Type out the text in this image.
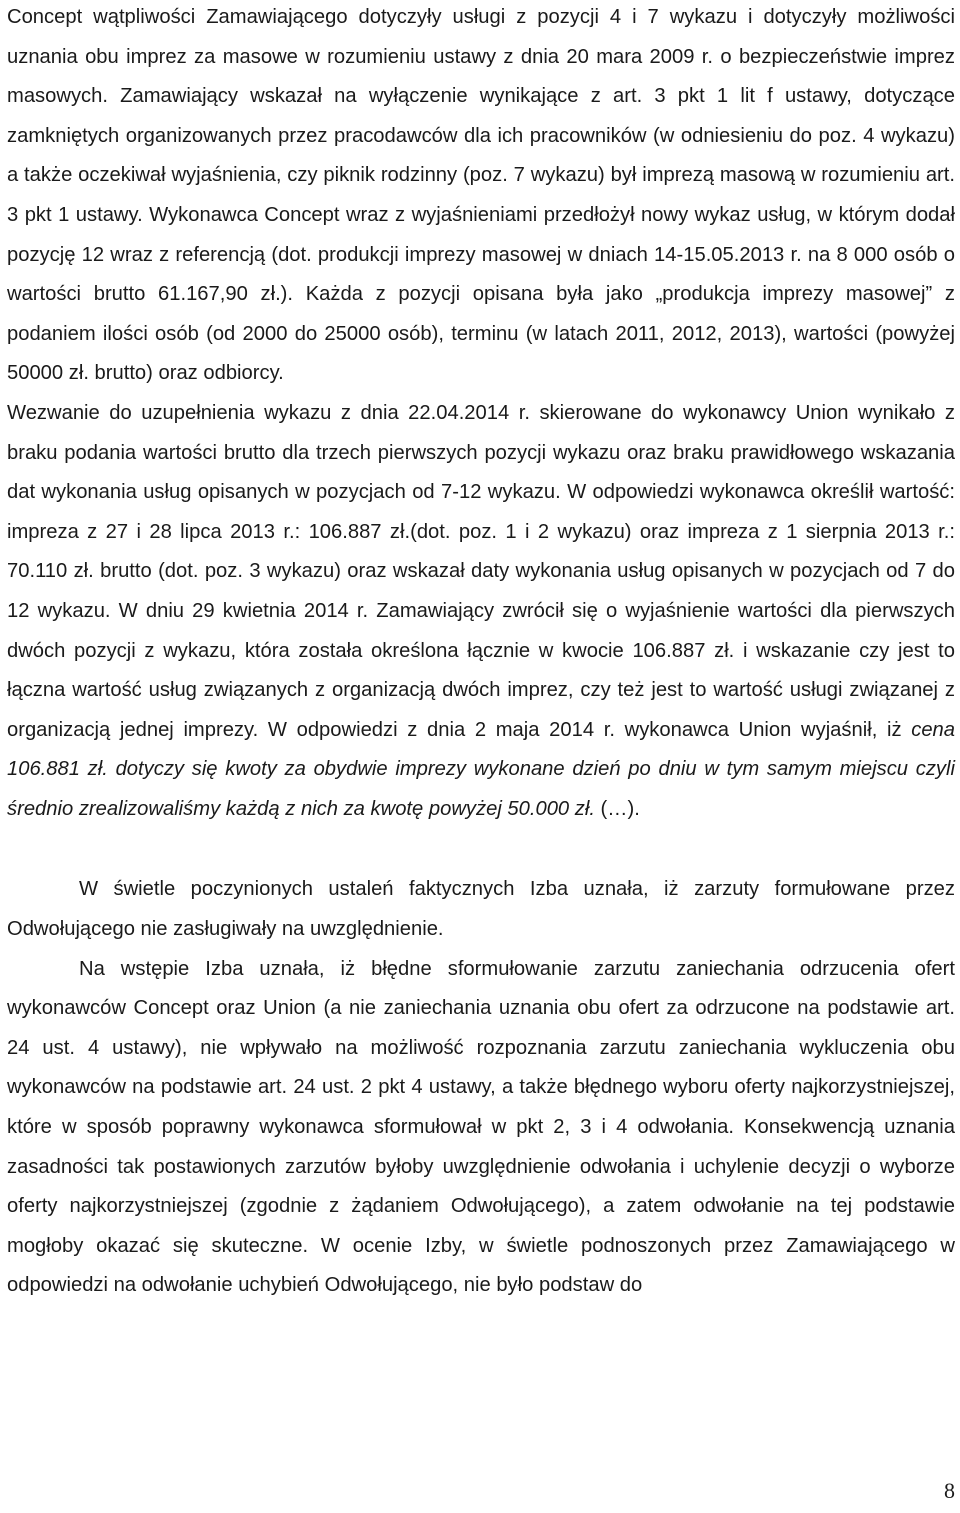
Concept wątpliwości Zamawiającego dotyczyły usługi z pozycji 4 i 7 wykazu i dotyczyły możliwości uznania obu imprez za masowe w rozumieniu ustawy z dnia 20 mara 2009 r. o bezpieczeństwie imprez masowych. Zamawiający wskazał na wyłączenie wynikające z art. 3 pkt 1 lit f ustawy, dotyczące zamkniętych organizowanych przez pracodawców dla ich pracowników (w odniesieniu do poz. 4 wykazu) a także oczekiwał wyjaśnienia, czy piknik rodzinny (poz. 7 wykazu) był imprezą masową w rozumieniu art. 3 pkt 1 ustawy. Wykonawca Concept wraz z wyjaśnieniami przedłożył nowy wykaz usług, w którym dodał pozycję 12 wraz z referencją (dot. produkcji imprezy masowej w dniach 14-15.05.2013 r. na 8 000 osób o wartości brutto 61.167,90 zł.). Każda z pozycji opisana była jako „produkcja imprezy masowej” z podaniem ilości osób (od 2000 do 25000 osób), terminu (w latach 2011, 2012, 2013), wartości (powyżej 50000 zł. brutto) oraz odbiorcy.

Wezwanie do uzupełnienia wykazu z dnia 22.04.2014 r. skierowane do wykonawcy Union wynikało z braku podania wartości brutto dla trzech pierwszych pozycji wykazu oraz braku prawidłowego wskazania dat wykonania usług opisanych w pozycjach od 7-12 wykazu. W odpowiedzi wykonawca określił wartość: impreza z 27 i 28 lipca 2013 r.: 106.887 zł.(dot. poz. 1 i 2 wykazu) oraz impreza z 1 sierpnia 2013 r.: 70.110 zł. brutto (dot. poz. 3 wykazu) oraz wskazał daty wykonania usług opisanych w pozycjach od 7 do 12 wykazu. W dniu 29 kwietnia 2014 r. Zamawiający zwrócił się o wyjaśnienie wartości dla pierwszych dwóch pozycji z wykazu, która została określona łącznie w kwocie 106.887 zł. i wskazanie czy jest to łączna wartość usług związanych z organizacją dwóch imprez, czy też jest to wartość usługi związanej z organizacją jednej imprezy. W odpowiedzi z dnia 2 maja 2014 r. wykonawca Union wyjaśnił, iż cena 106.881 zł. dotyczy się kwoty za obydwie imprezy wykonane dzień po dniu w tym samym miejscu czyli średnio zrealizowaliśmy każdą z nich za kwotę powyżej 50.000 zł. (…).

W świetle poczynionych ustaleń faktycznych Izba uznała, iż zarzuty formułowane przez Odwołującego nie zasługiwały na uwzględnienie.

Na wstępie Izba uznała, iż błędne sformułowanie zarzutu zaniechania odrzucenia ofert wykonawców Concept oraz Union (a nie zaniechania uznania obu ofert za odrzucone na podstawie art. 24 ust. 4 ustawy), nie wpływało na możliwość rozpoznania zarzutu zaniechania wykluczenia obu wykonawców na podstawie art. 24 ust. 2 pkt 4 ustawy, a także błędnego wyboru oferty najkorzystniejszej, które w sposób poprawny wykonawca sformułował w pkt 2, 3 i 4 odwołania. Konsekwencją uznania zasadności tak postawionych zarzutów byłoby uwzględnienie odwołania i uchylenie decyzji o wyborze oferty najkorzystniejszej (zgodnie z żądaniem Odwołującego), a zatem odwołanie na tej podstawie mogłoby okazać się skuteczne. W ocenie Izby, w świetle podnoszonych przez Zamawiającego w odpowiedzi na odwołanie uchybień Odwołującego, nie było podstaw do

8
